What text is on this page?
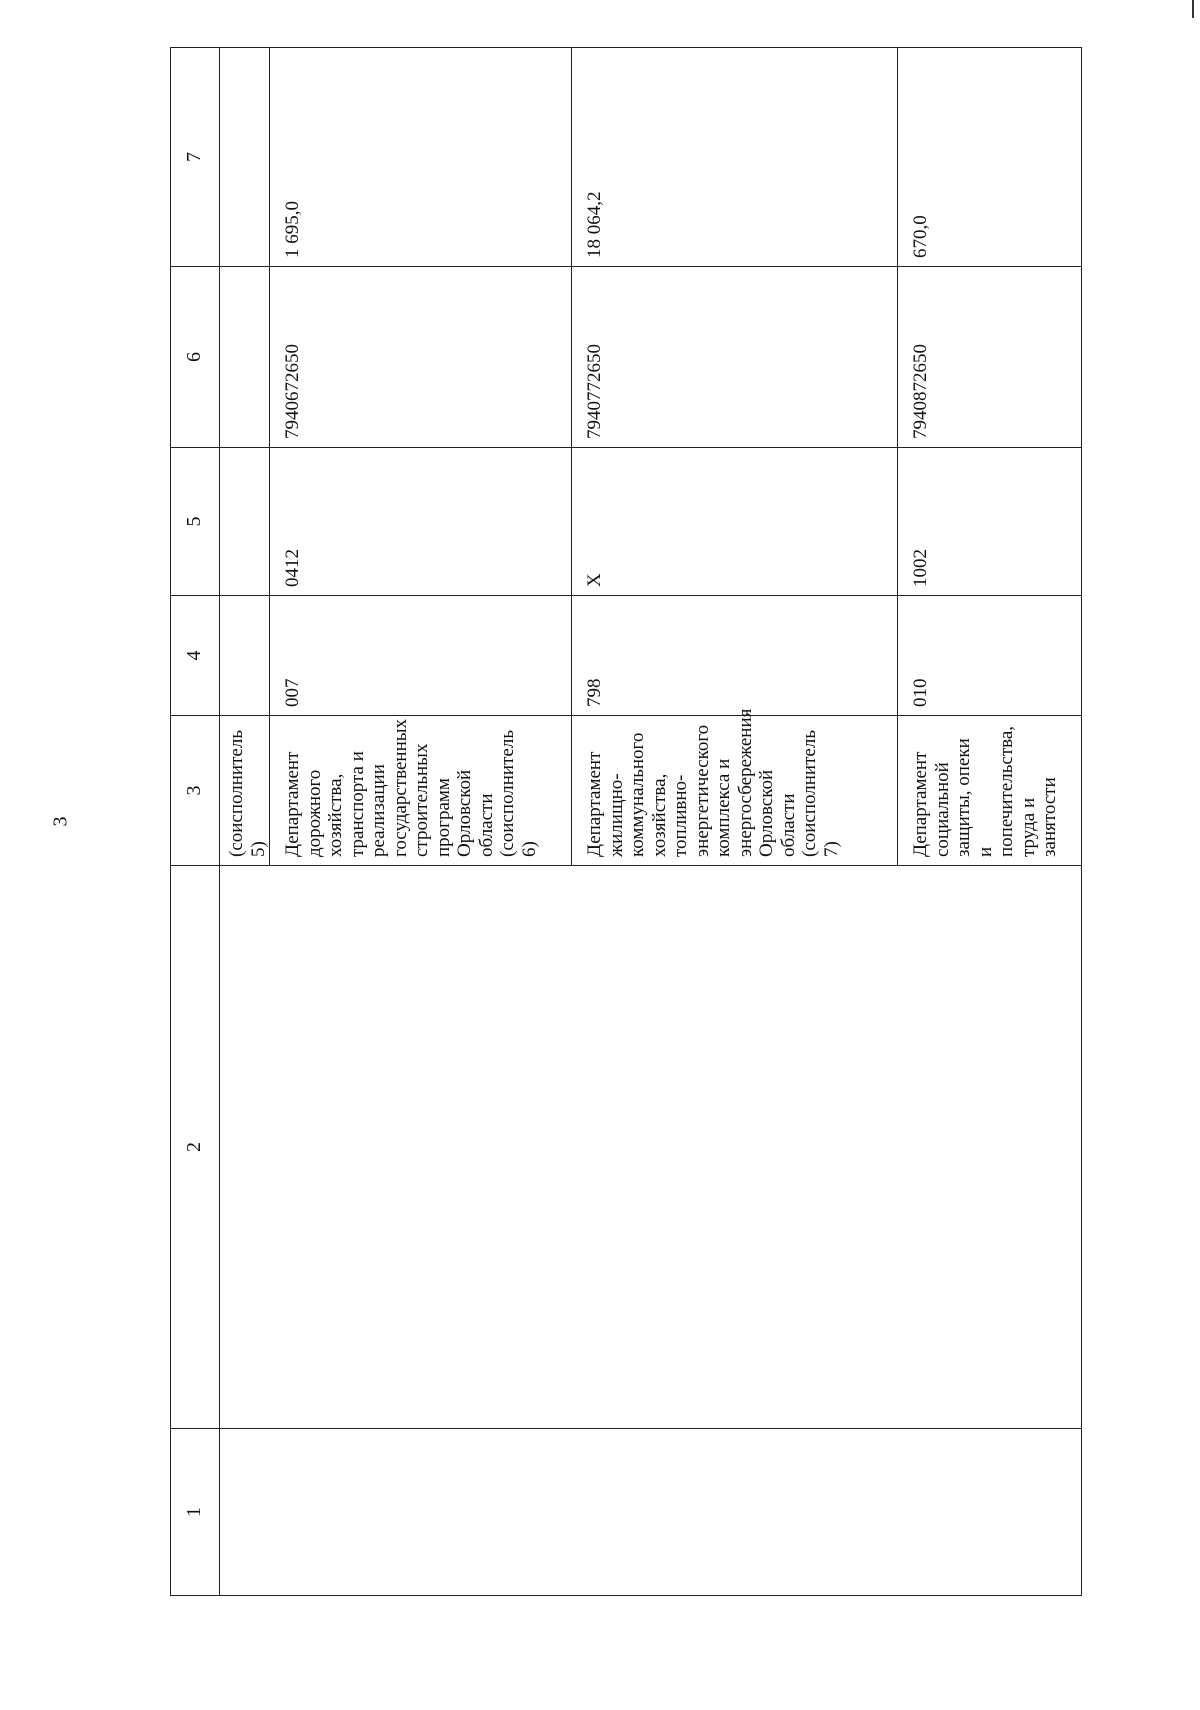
3
1	2	3	4	5	6	7
		(соисполнитель 5)				
		Департамент дорожного хозяйства, транспорта и реализации государственных строительных программ Орловской области (соисполнитель 6)	007	0412	7940672650	1 695,0
		Департамент жилищно-коммунального хозяйства, топливно-энергетического комплекса и энергосбережения Орловской области (соисполнитель 7)	798	Х	7940772650	18 064,2
		Департамент социальной защиты, опеки и попечительства, труда и занятости	010	1002	7940872650	670,0
